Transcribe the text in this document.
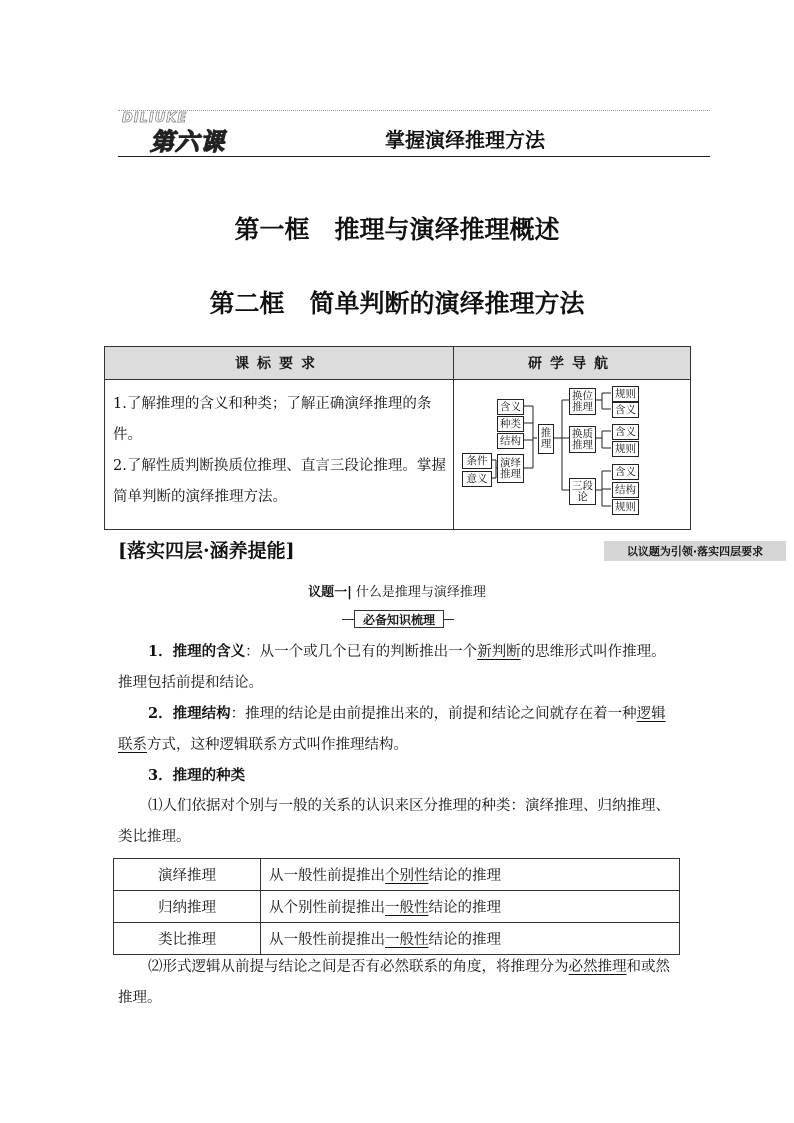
DILIUKE
第六课	掌握演绎推理方法
第一框　推理与演绎推理概述
第二框　简单判断的演绎推理方法
课标要求	研学导航
1.了解推理的含义和种类；了解正确演绎推理的条件。
2.了解性质判断换质位推理、直言三段论推理。掌握简单判断的演绎推理方法。
含义
种类
结构
条件
意义
演绎推理
推理
换位推理
换质推理
三段论
规则
含义
含义
规则
含义
结构
规则
[落实四层·涵养提能]	以议题为引领·落实四层要求
议题一| 什么是推理与演绎推理
必备知识梳理
1．推理的含义：从一个或几个已有的判断推出一个新判断的思维形式叫作推理。推理包括前提和结论。
2．推理结构：推理的结论是由前提推出来的，前提和结论之间就存在着一种逻辑联系方式，这种逻辑联系方式叫作推理结构。
3．推理的种类
⑴人们依据对个别与一般的关系的认识来区分推理的种类：演绎推理、归纳推理、类比推理。
演绎推理	从一般性前提推出个别性结论的推理
归纳推理	从个别性前提推出一般性结论的推理
类比推理	从一般性前提推出一般性结论的推理
⑵形式逻辑从前提与结论之间是否有必然联系的角度，将推理分为必然推理和或然推理。
